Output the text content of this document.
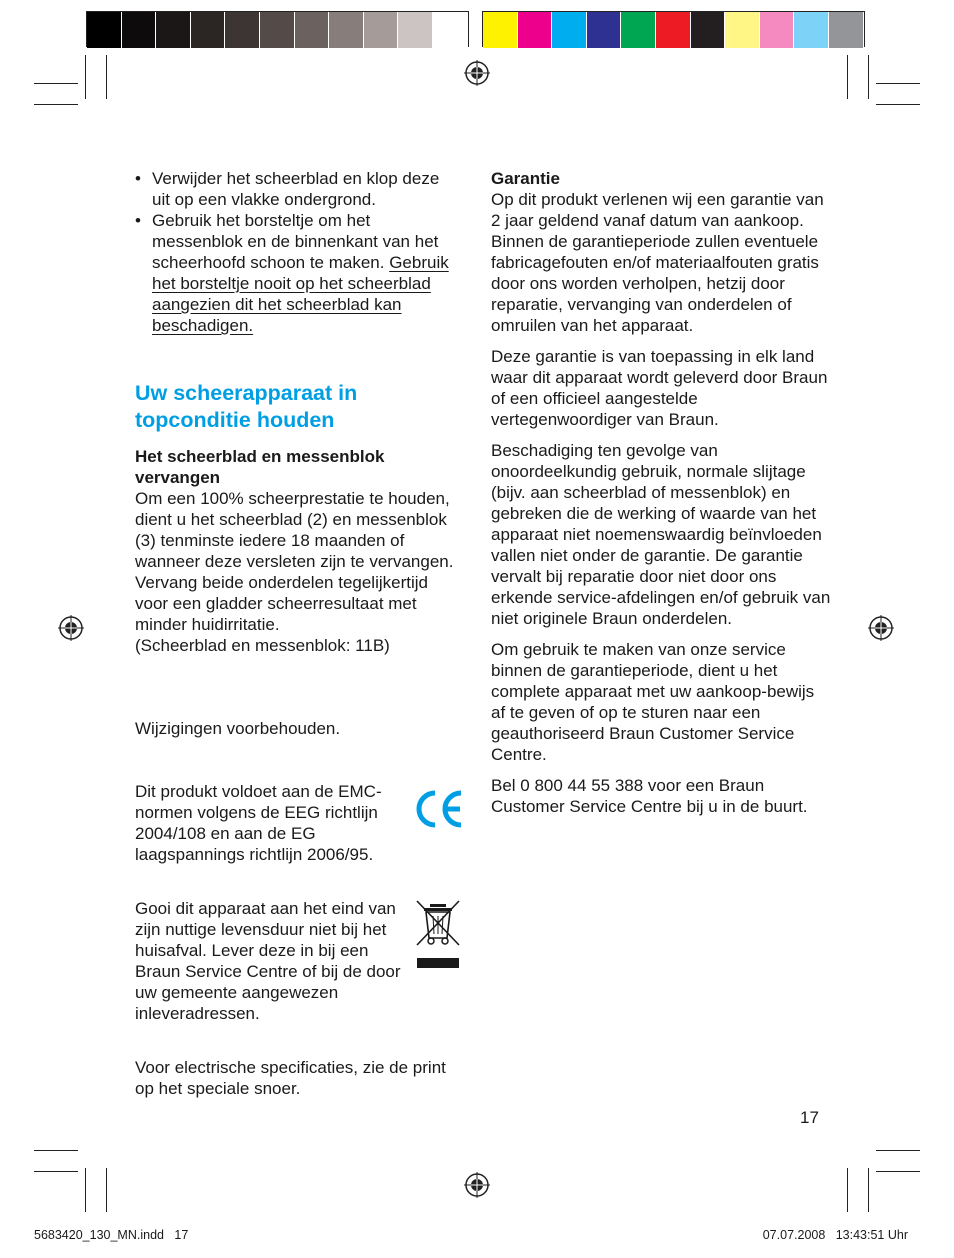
• Verwijder het scheerblad en klop deze uit op een vlakke ondergrond.
• Gebruik het borsteltje om het messenblok en de binnenkant van het scheerhoofd schoon te maken. Gebruik het borsteltje nooit op het scheerblad aangezien dit het scheerblad kan beschadigen.
Uw scheerapparaat in topconditie houden
Het scheerblad en messenblok vervangen

Om een 100% scheerprestatie te houden, dient u het scheerblad (2) en messenblok (3) tenminste iedere 18 maanden of wanneer deze versleten zijn te vervangen. Vervang beide onderdelen tegelijkertijd voor een gladder scheerresultaat met minder huidirritatie.

(Scheerblad en messenblok: 11B)

Wijzigingen voorbehouden.
Dit produkt voldoet aan de EMC-normen volgens de EEG richtlijn 2004/108 en aan de EG laagspannings richtlijn 2006/95.
Gooi dit apparaat aan het eind van zijn nuttige levensduur niet bij het huisafval. Lever deze in bij een Braun Service Centre of bij de door uw gemeente aangewezen inleveradressen.
Voor electrische specificaties, zie de print op het speciale snoer.
Garantie

Op dit produkt verlenen wij een garantie van 2 jaar geldend vanaf datum van aankoop. Binnen de garantieperiode zullen eventuele fabricagefouten en/of materiaalfouten gratis door ons worden verholpen, hetzij door reparatie, vervanging van onderdelen of omruilen van het apparaat.

Deze garantie is van toepassing in elk land waar dit apparaat wordt geleverd door Braun of een officieel aangestelde vertegenwoordiger van Braun.

Beschadiging ten gevolge van onoordeelkundig gebruik, normale slijtage (bijv. aan scheerblad of messenblok) en gebreken die de werking of waarde van het apparaat niet noemenswaardig beïnvloeden vallen niet onder de garantie. De garantie vervalt bij reparatie door niet door ons erkende service-afdelingen en/of gebruik van niet originele Braun onderdelen.

Om gebruik te maken van onze service binnen de garantieperiode, dient u het complete apparaat met uw aankoop-bewijs af te geven of op te sturen naar een geauthoriseerd Braun Customer Service Centre.

Bel 0 800 44 55 388 voor een Braun Customer Service Centre bij u in de buurt.

17
5683420_130_MN.indd   17	07.07.2008   13:43:51 Uhr
